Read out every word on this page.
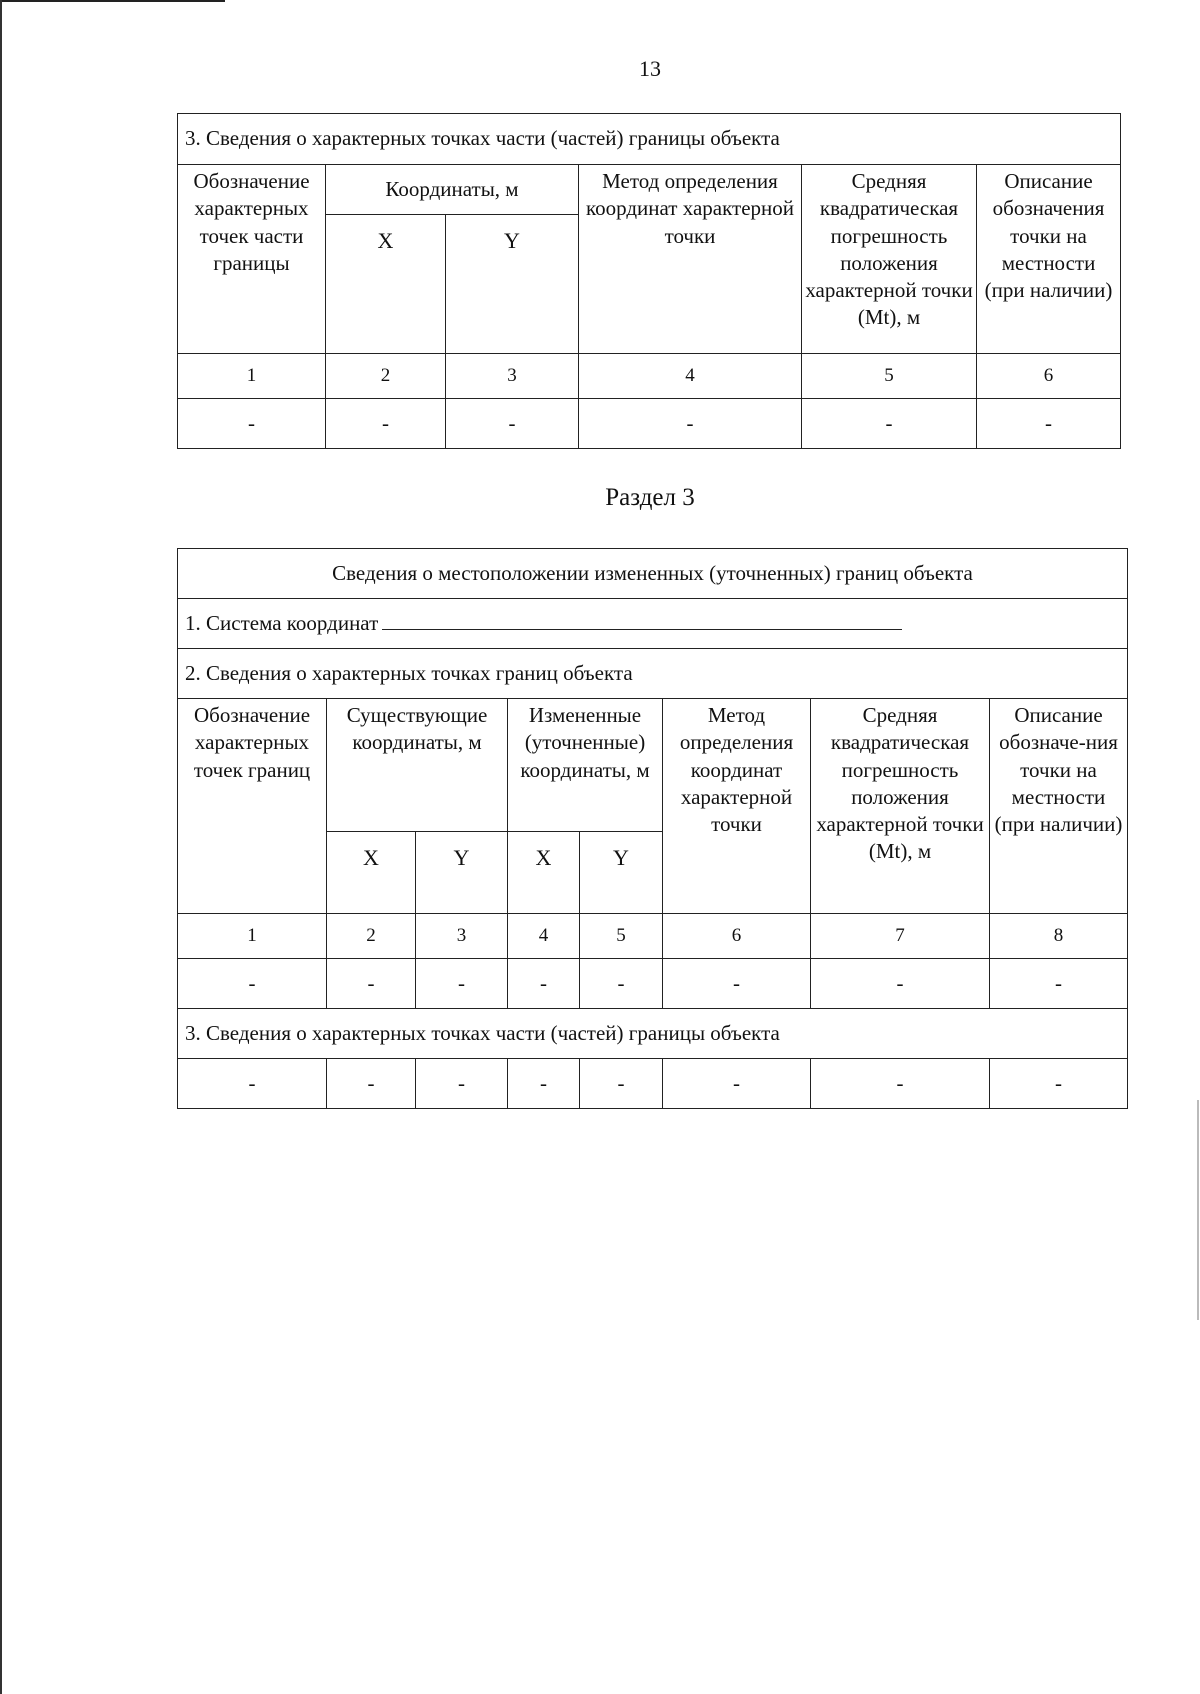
13
3. Сведения о характерных точках части (частей) границы объекта					
Обозначение характерных точек части границы	Координаты, м		Метод определения координат характерной точки	Средняя квадратическая погрешность положения характерной точки (Mt), м	Описание обозначения точки на местности (при наличии)
	X	Y			
1	2	3	4	5	6
-	-	-	-	-	-
Раздел 3
Сведения о местоположении измененных (уточненных) границ объекта							
1. Система координат							
2. Сведения о характерных точках границ объекта							
Обозначение характерных точек границ	Существующие координаты, м		Измененные (уточненные) координаты, м		Метод определения координат характерной точки	Средняя квадратическая погрешность положения характерной точки (Mt), м	Описание обозначе-ния точки на местности (при наличии)
	X	Y	X	Y			
1	2	3	4	5	6	7	8
-	-	-	-	-	-	-	-
3. Сведения о характерных точках части (частей) границы объекта							
-	-	-	-	-	-	-	-
